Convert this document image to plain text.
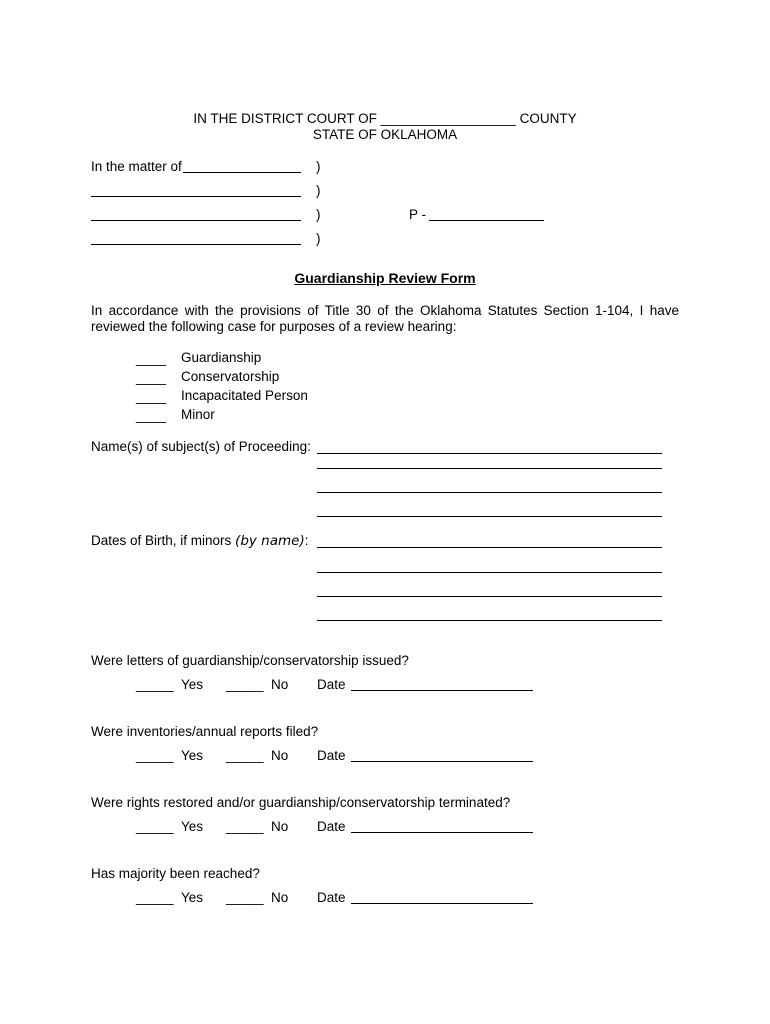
IN THE DISTRICT COURT OF __________________ COUNTY
STATE OF OKLAHOMA
In the matter of	)
)
)	P -
)
Guardianship Review Form
In accordance with the provisions of Title 30 of the Oklahoma Statutes Section 1-104, I have reviewed the following case for purposes of a review hearing:
____ Guardianship
____ Conservatorship
____ Incapacitated Person
____ Minor
Name(s) of subject(s) of Proceeding:
Dates of Birth, if minors (by name):
Were letters of guardianship/conservatorship issued?
_____ Yes _____ No Date
Were inventories/annual reports filed?
_____ Yes _____ No Date
Were rights restored and/or guardianship/conservatorship terminated?
_____ Yes _____ No Date
Has majority been reached?
_____ Yes _____ No Date
